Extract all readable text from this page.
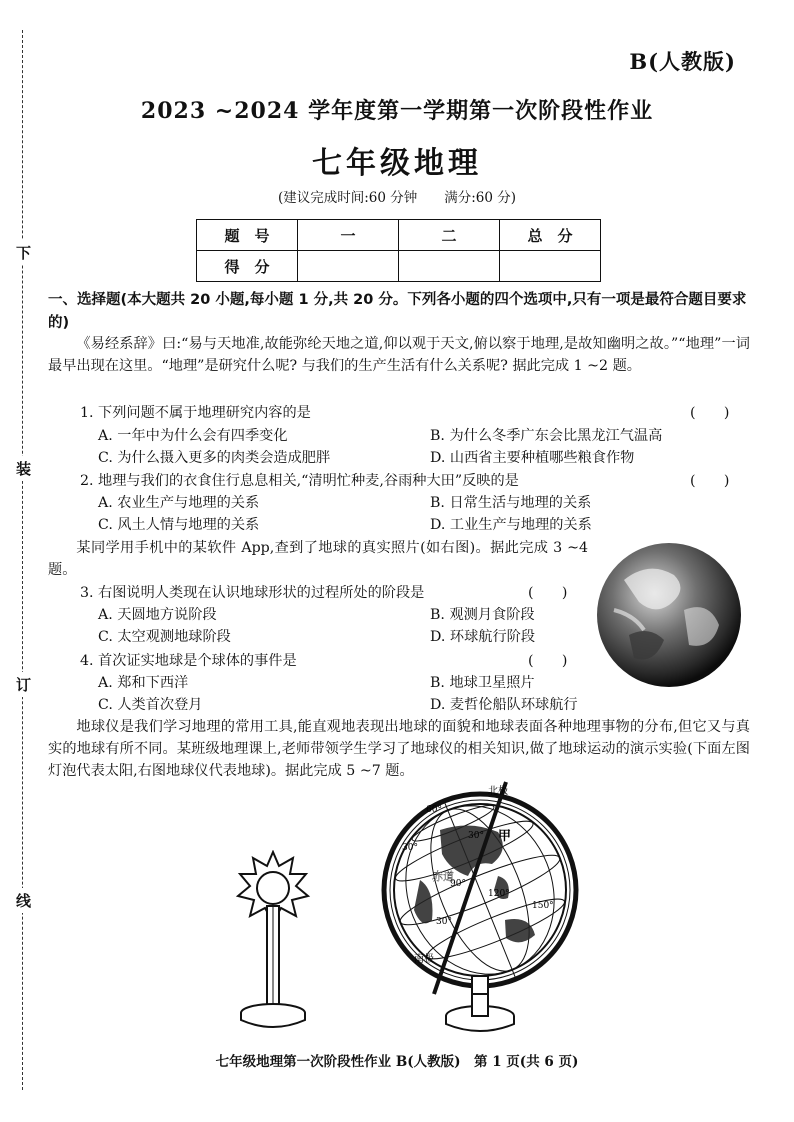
下
装
订
线
B(人教版)
2023 ~2024 学年度第一学期第一次阶段性作业
七年级地理
(建议完成时间:60 分钟　　满分:60 分)
题　号	一	二	总　分
得　分			
一、选择题(本大题共 20 小题,每小题 1 分,共 20 分。下列各小题的四个选项中,只有一项是最符合题目要求的)
《易经系辞》曰:“易与天地准,故能弥纶天地之道,仰以观于天文,俯以察于地理,是故知幽明之故。”“地理”一词最早出现在这里。“地理”是研究什么呢? 与我们的生产生活有什么关系呢? 据此完成 1 ~2 题。
1. 下列问题不属于地理研究内容的是	(　　)
A. 一年中为什么会有四季变化	B. 为什么冬季广东会比黑龙江气温高
C. 为什么摄入更多的肉类会造成肥胖	D. 山西省主要种植哪些粮食作物
2. 地理与我们的衣食住行息息相关,“清明忙种麦,谷雨种大田”反映的是	(　　)
A. 农业生产与地理的关系	B. 日常生活与地理的关系
C. 风土人情与地理的关系	D. 工业生产与地理的关系
某同学用手机中的某软件 App,查到了地球的真实照片(如右图)。据此完成 3 ~4 题。
3. 右图说明人类现在认识地球形状的过程所处的阶段是	(　　)
A. 天圆地方说阶段	B. 观测月食阶段
C. 太空观测地球阶段	D. 环球航行阶段
4. 首次证实地球是个球体的事件是	(　　)
A. 郑和下西洋	B. 地球卫星照片
C. 人类首次登月	D. 麦哲伦船队环球航行
地球仪是我们学习地理的常用工具,能直观地表现出地球的面貌和地球表面各种地理事物的分布,但它又与真实的地球有所不同。某班级地理课上,老师带领学生学习了地球仪的相关知识,做了地球运动的演示实验(下面左图灯泡代表太阳,右图地球仪代表地球)。据此完成 5 ~7 题。
北极
南极
甲
赤道
30°
60°
30°
30°
90°
120°
150°
七年级地理第一次阶段性作业 B(人教版)　第 1 页(共 6 页)
